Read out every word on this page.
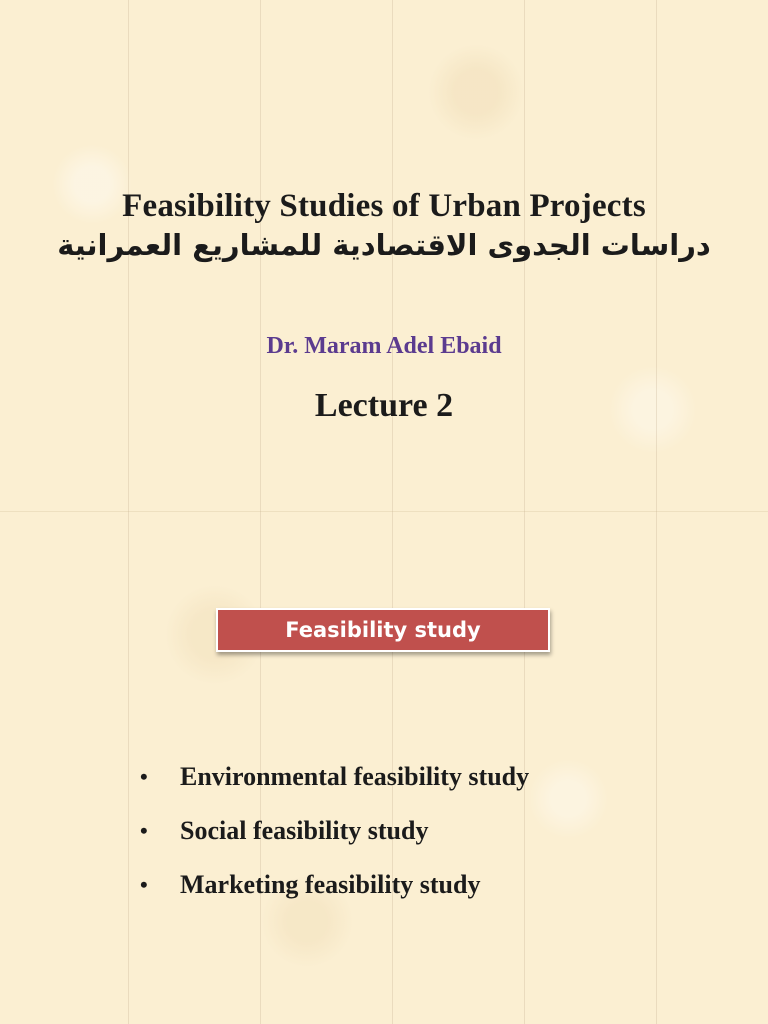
Feasibility Studies of Urban Projects
دراسات الجدوى الاقتصادية للمشاريع العمرانية
Dr. Maram Adel Ebaid
Lecture 2
Feasibility study
•	Environmental feasibility study
•	Social feasibility study
•	Marketing feasibility study
